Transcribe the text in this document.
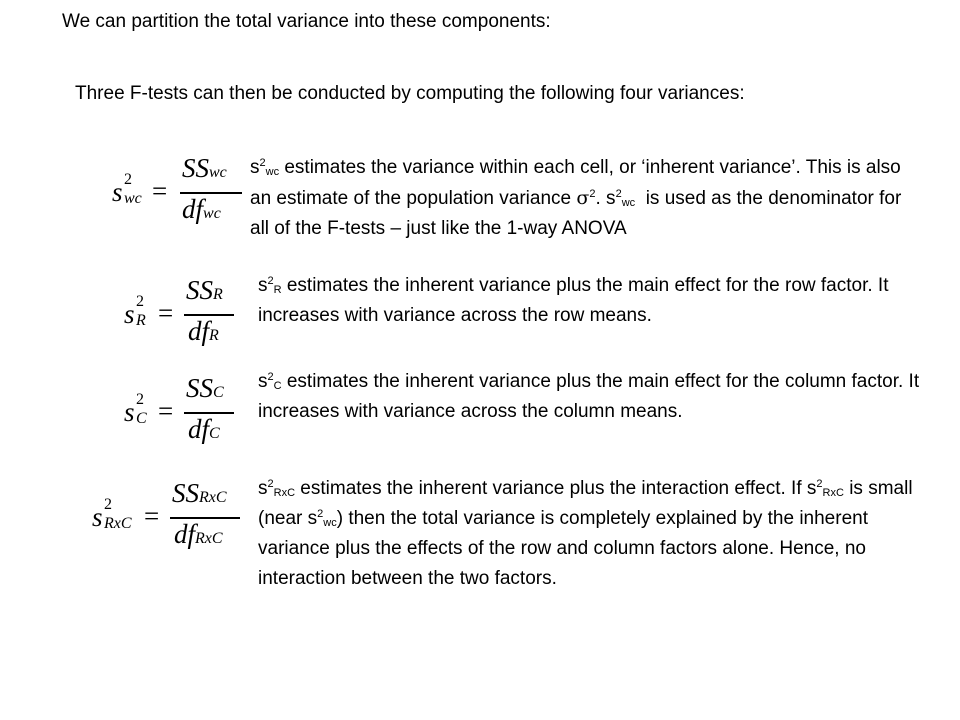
We can partition the total variance into these components:
Three F-tests can then be conducted by computing the following four variances:
s 2
wc =
SSwc
dfwc
$s^2_{wc}$ estimates the variance within each cell, or ‘inherent variance’. This is also an estimate of the population variance $\sigma^2$. $s^2_{wc}$ is used as the denominator for all of the F-tests – just like the 1-way ANOVA
s 2
R =
SSR
dfR
$s^2_R$ estimates the inherent variance plus the main effect for the row factor. It increases with variance across the row means.
s 2
C =
SSC
dfC
$s^2_C$ estimates the inherent variance plus the main effect for the column factor. It increases with variance across the column means.
s 2
RxC =
SSRxC
dfRxC
$s^2_{RxC}$ estimates the inherent variance plus the interaction effect. If $s^2_{RxC}$ is small (near $s^2_{wc}$) then the total variance is completely explained by the inherent variance plus the effects of the row and column factors alone. Hence, no interaction between the two factors.
